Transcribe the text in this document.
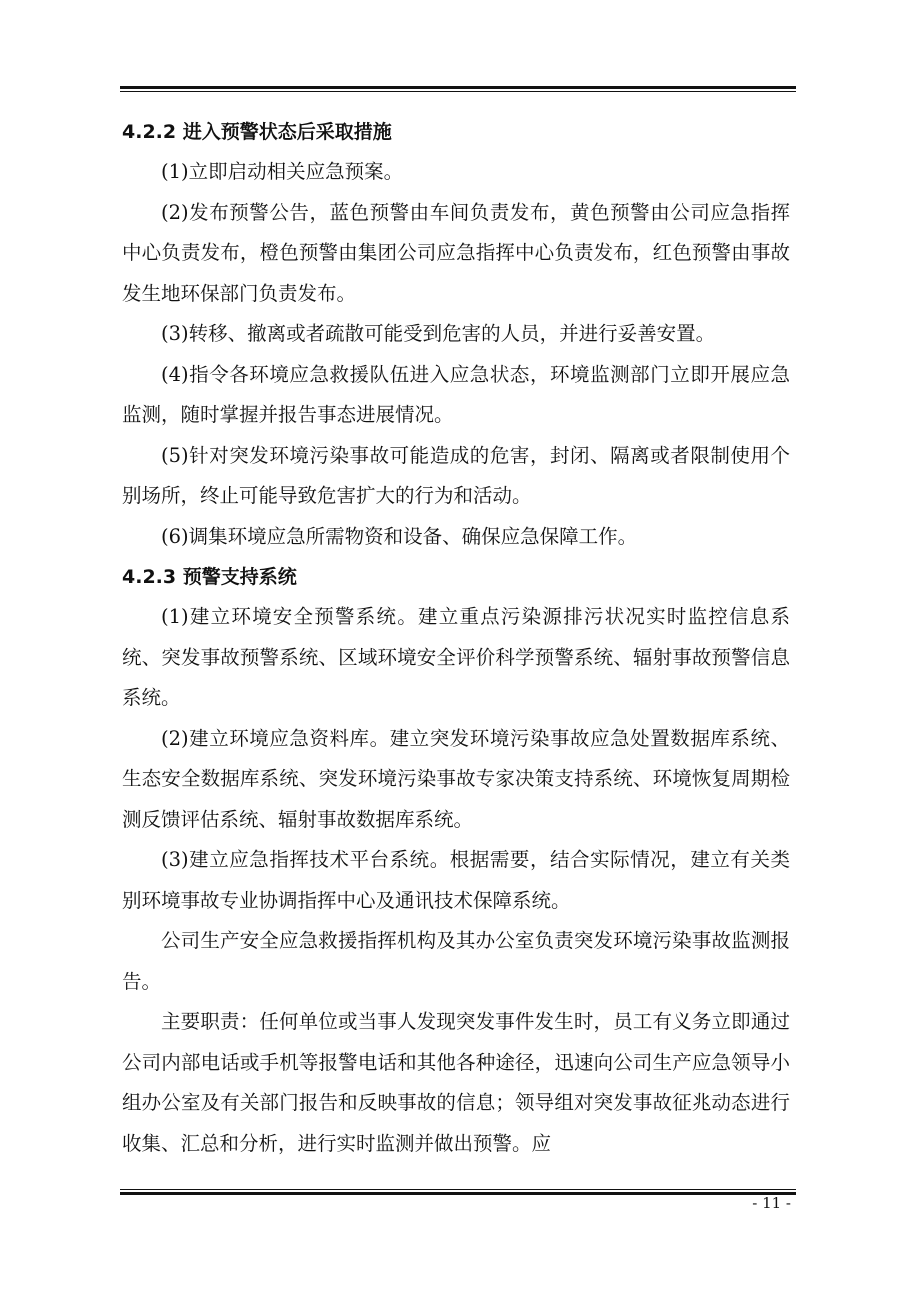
4.2.2 进入预警状态后采取措施

(1)立即启动相关应急预案。

(2)发布预警公告，蓝色预警由车间负责发布，黄色预警由公司应急指挥中心负责发布，橙色预警由集团公司应急指挥中心负责发布，红色预警由事故发生地环保部门负责发布。

(3)转移、撤离或者疏散可能受到危害的人员，并进行妥善安置。

(4)指令各环境应急救援队伍进入应急状态，环境监测部门立即开展应急监测，随时掌握并报告事态进展情况。

(5)针对突发环境污染事故可能造成的危害，封闭、隔离或者限制使用个别场所，终止可能导致危害扩大的行为和活动。

(6)调集环境应急所需物资和设备、确保应急保障工作。

4.2.3 预警支持系统

(1)建立环境安全预警系统。建立重点污染源排污状况实时监控信息系统、突发事故预警系统、区域环境安全评价科学预警系统、辐射事故预警信息系统。

(2)建立环境应急资料库。建立突发环境污染事故应急处置数据库系统、生态安全数据库系统、突发环境污染事故专家决策支持系统、环境恢复周期检测反馈评估系统、辐射事故数据库系统。

(3)建立应急指挥技术平台系统。根据需要，结合实际情况，建立有关类别环境事故专业协调指挥中心及通讯技术保障系统。

公司生产安全应急救援指挥机构及其办公室负责突发环境污染事故监测报告。

主要职责：任何单位或当事人发现突发事件发生时，员工有义务立即通过公司内部电话或手机等报警电话和其他各种途径，迅速向公司生产应急领导小组办公室及有关部门报告和反映事故的信息；领导组对突发事故征兆动态进行收集、汇总和分析，进行实时监测并做出预警。应

- 11 -
